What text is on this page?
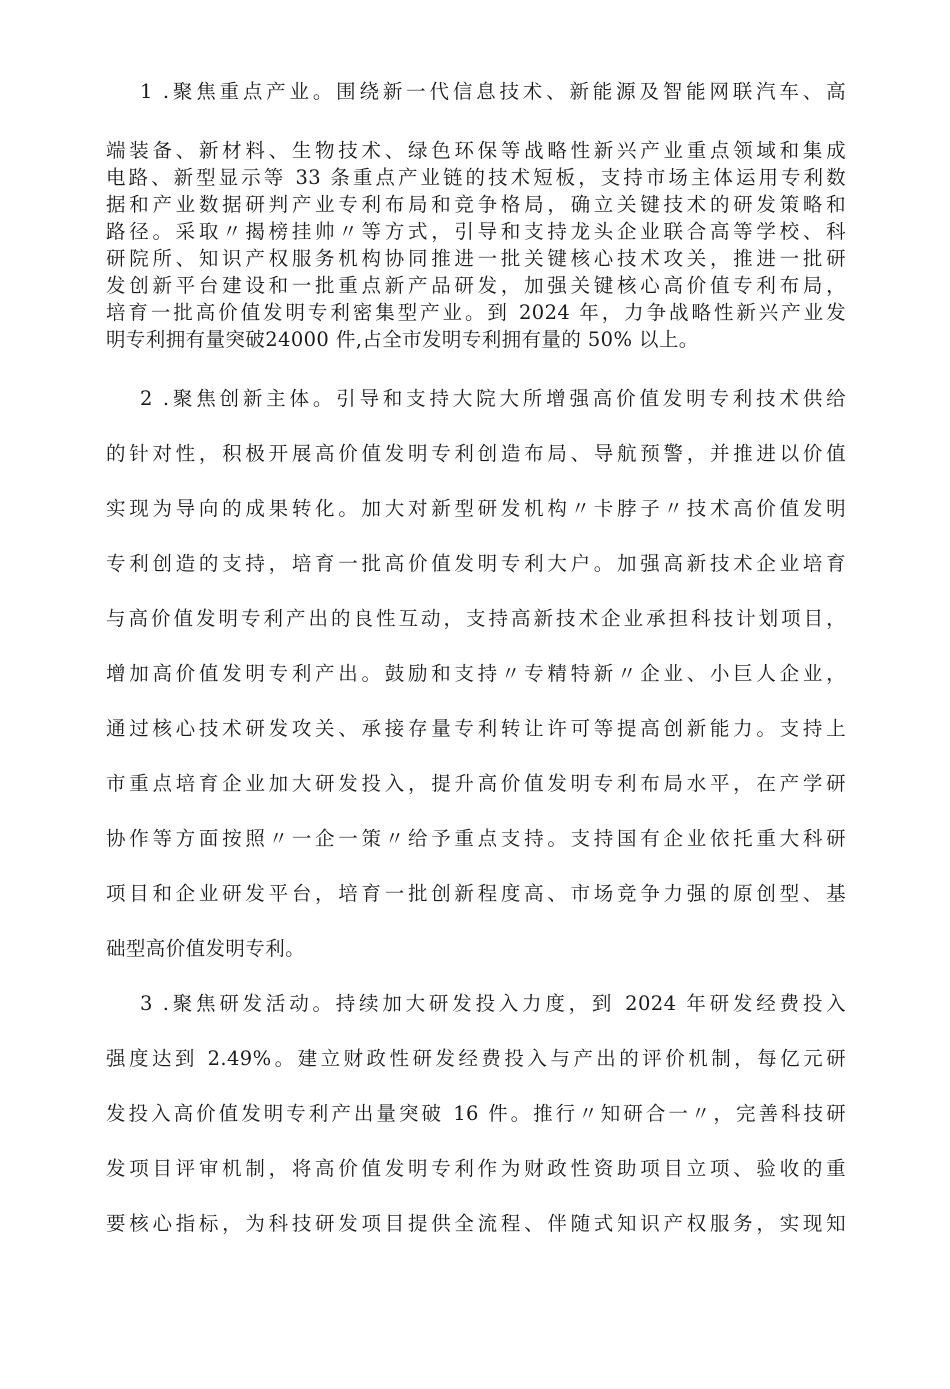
1 .聚焦重点产业。围绕新一代信息技术、新能源及智能网联汽车、高

端装备、新材料、生物技术、绿色环保等战略性新兴产业重点领域和集成

电路、新型显示等 33 条重点产业链的技术短板，支持市场主体运用专利数

据和产业数据研判产业专利布局和竞争格局，确立关键技术的研发策略和

路径。采取〃揭榜挂帅〃等方式，引导和支持龙头企业联合高等学校、科

研院所、知识产权服务机构协同推进一批关键核心技术攻关，推进一批研

发创新平台建设和一批重点新产品研发，加强关键核心高价值专利布局，

培育一批高价值发明专利密集型产业。到 2024 年，力争战略性新兴产业发

明专利拥有量突破24000 件,占全市发明专利拥有量的 50% 以上。

2 .聚焦创新主体。引导和支持大院大所增强高价值发明专利技术供给

的针对性，积极开展高价值发明专利创造布局、导航预警，并推进以价值

实现为导向的成果转化。加大对新型研发机构〃卡脖子〃技术高价值发明

专利创造的支持，培育一批高价值发明专利大户。加强高新技术企业培育

与高价值发明专利产出的良性互动，支持高新技术企业承担科技计划项目，

增加高价值发明专利产出。鼓励和支持〃专精特新〃企业、小巨人企业，

通过核心技术研发攻关、承接存量专利转让许可等提高创新能力。支持上

市重点培育企业加大研发投入，提升高价值发明专利布局水平，在产学研

协作等方面按照〃一企一策〃给予重点支持。支持国有企业依托重大科研

项目和企业研发平台，培育一批创新程度高、市场竞争力强的原创型、基

础型高价值发明专利。

3 .聚焦研发活动。持续加大研发投入力度，到 2024 年研发经费投入

强度达到 2.49%。建立财政性研发经费投入与产出的评价机制，每亿元研

发投入高价值发明专利产出量突破 16 件。推行〃知研合一〃，完善科技研

发项目评审机制，将高价值发明专利作为财政性资助项目立项、验收的重

要核心指标，为科技研发项目提供全流程、伴随式知识产权服务，实现知
